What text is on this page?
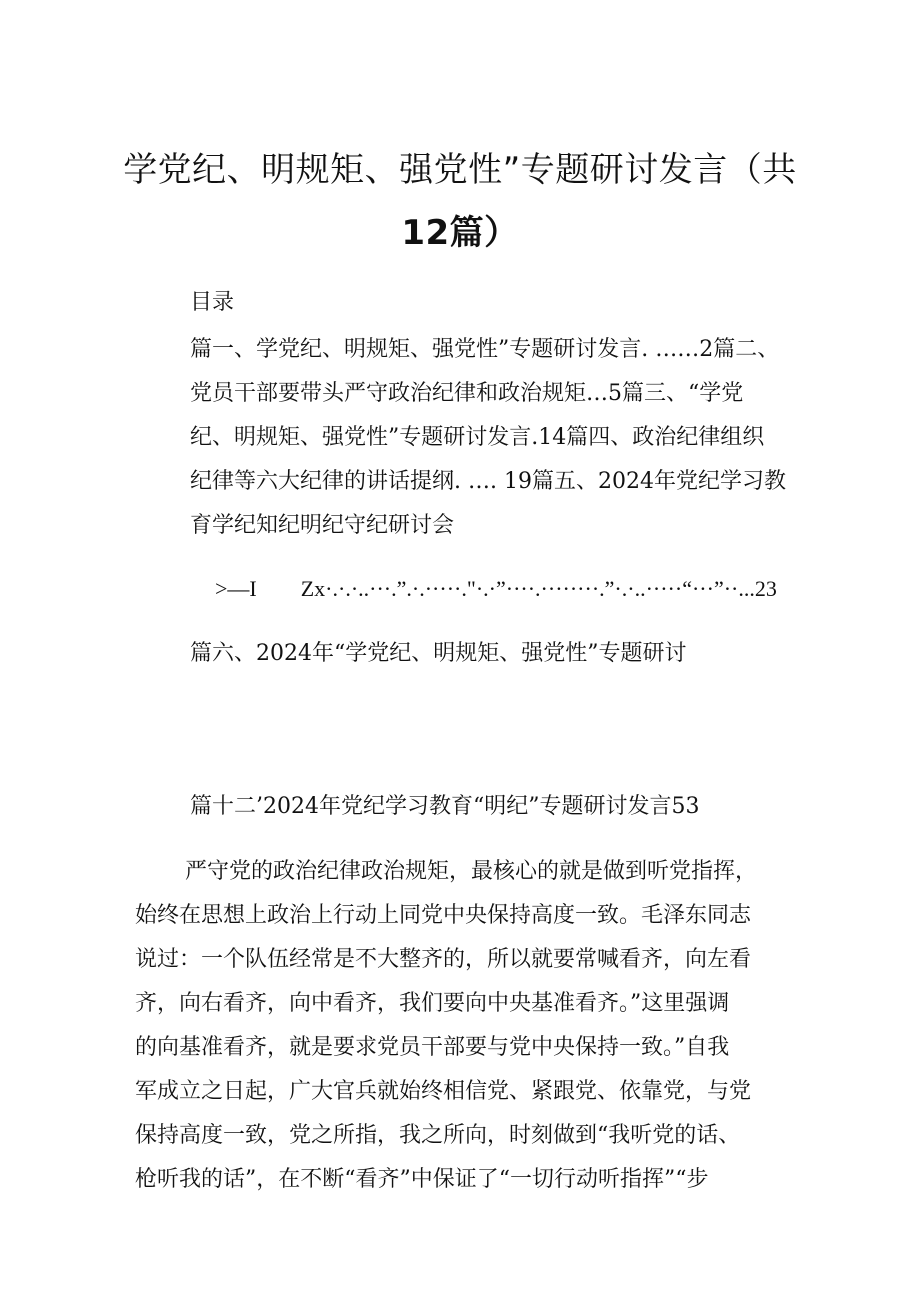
学党纪、明规矩、强党性”专题研讨发言（共
12篇）
目录
篇一、学党纪、明规矩、强党性”专题研讨发言. ……2篇二、
党员干部要带头严守政治纪律和政治规矩…5篇三、“学党
纪、明规矩、强党性”专题研讨发言.14篇四、政治纪律组织
纪律等六大纪律的讲话提纲. …. 19篇五、2024年党纪学习教
育学纪知纪明纪守纪研讨会
>—I Zx·.·.·..···.”.·.·····."·.·”····.········.”·.·..·····“···”··...23
篇六、2024年“学党纪、明规矩、强党性”专题研讨
篇十二’2024年党纪学习教育“明纪”专题研讨发言53
严守党的政治纪律政治规矩，最核心的就是做到听党指挥，
始终在思想上政治上行动上同党中央保持高度一致。毛泽东同志
说过：一个队伍经常是不大整齐的，所以就要常喊看齐，向左看
齐，向右看齐，向中看齐，我们要向中央基准看齐。”这里强调
的向基准看齐，就是要求党员干部要与党中央保持一致。”自我
军成立之日起，广大官兵就始终相信党、紧跟党、依靠党，与党
保持高度一致，党之所指，我之所向，时刻做到“我听党的话、
枪听我的话”，在不断“看齐”中保证了“一切行动听指挥”“步
